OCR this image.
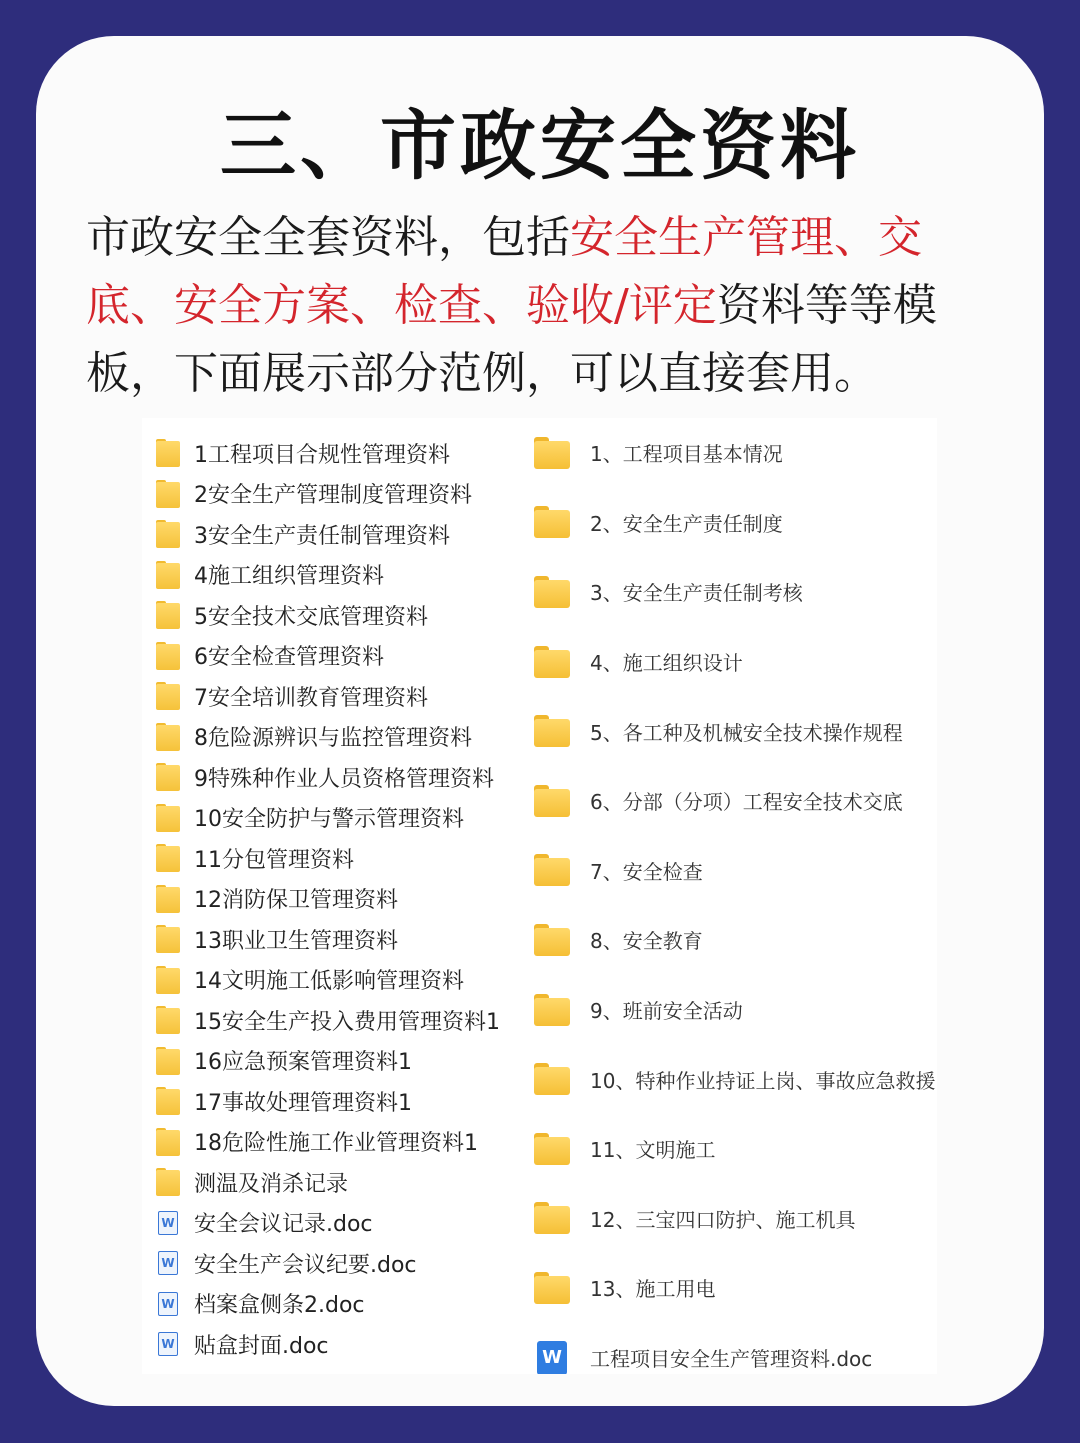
三、市政安全资料
市政安全全套资料，包括安全生产管理、交底、安全方案、检查、验收/评定资料等等模板，下面展示部分范例，可以直接套用。
1工程项目合规性管理资料
2安全生产管理制度管理资料
3安全生产责任制管理资料
4施工组织管理资料
5安全技术交底管理资料
6安全检查管理资料
7安全培训教育管理资料
8危险源辨识与监控管理资料
9特殊种作业人员资格管理资料
10安全防护与警示管理资料
11分包管理资料
12消防保卫管理资料
13职业卫生管理资料
14文明施工低影响管理资料
15安全生产投入费用管理资料1
16应急预案管理资料1
17事故处理管理资料1
18危险性施工作业管理资料1
测温及消杀记录
W 安全会议记录.doc
W 安全生产会议纪要.doc
W 档案盒侧条2.doc
W 贴盒封面.doc
1、工程项目基本情况
2、安全生产责任制度
3、安全生产责任制考核
4、施工组织设计
5、各工种及机械安全技术操作规程
6、分部（分项）工程安全技术交底
7、安全检查
8、安全教育
9、班前安全活动
10、特种作业持证上岗、事故应急救援
11、文明施工
12、三宝四口防护、施工机具
13、施工用电
W 工程项目安全生产管理资料.doc
